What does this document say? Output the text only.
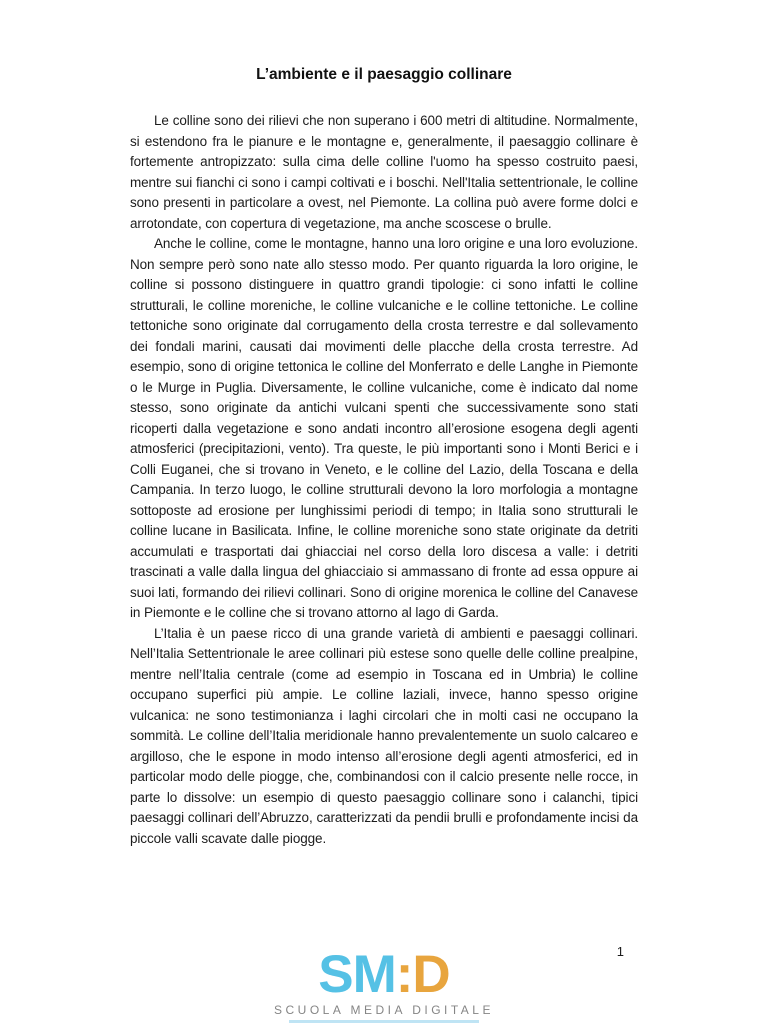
L’ambiente e il paesaggio collinare

Le colline sono dei rilievi che non superano i 600 metri di altitudine. Normalmente, si estendono fra le pianure e le montagne e, generalmente, il paesaggio collinare è fortemente antropizzato: sulla cima delle colline l'uomo ha spesso costruito paesi, mentre sui fianchi ci sono i campi coltivati e i boschi. Nell'Italia settentrionale, le colline sono presenti in particolare a ovest, nel Piemonte. La collina può avere forme dolci e arrotondate, con copertura di vegetazione, ma anche scoscese o brulle.

Anche le colline, come le montagne, hanno una loro origine e una loro evoluzione. Non sempre però sono nate allo stesso modo. Per quanto riguarda la loro origine, le colline si possono distinguere in quattro grandi tipologie: ci sono infatti le colline strutturali, le colline moreniche, le colline vulcaniche e le colline tettoniche. Le colline tettoniche sono originate dal corrugamento della crosta terrestre e dal sollevamento dei fondali marini, causati dai movimenti delle placche della crosta terrestre. Ad esempio, sono di origine tettonica le colline del Monferrato e delle Langhe in Piemonte o le Murge in Puglia. Diversamente, le colline vulcaniche, come è indicato dal nome stesso, sono originate da antichi vulcani spenti che successivamente sono stati ricoperti dalla vegetazione e sono andati incontro all’erosione esogena degli agenti atmosferici (precipitazioni, vento). Tra queste, le più importanti sono i Monti Berici e i Colli Euganei, che si trovano in Veneto, e le colline del Lazio, della Toscana e della Campania. In terzo luogo, le colline strutturali devono la loro morfologia a montagne sottoposte ad erosione per lunghissimi periodi di tempo; in Italia sono strutturali le colline lucane in Basilicata. Infine, le colline moreniche sono state originate da detriti accumulati e trasportati dai ghiacciai nel corso della loro discesa a valle: i detriti trascinati a valle dalla lingua del ghiacciaio si ammassano di fronte ad essa oppure ai suoi lati, formando dei rilievi collinari. Sono di origine morenica le colline del Canavese in Piemonte e le colline che si trovano attorno al lago di Garda.

L’Italia è un paese ricco di una grande varietà di ambienti e paesaggi collinari. Nell’Italia Settentrionale le aree collinari più estese sono quelle delle colline prealpine, mentre nell’Italia centrale (come ad esempio in Toscana ed in Umbria) le colline occupano superfici più ampie. Le colline laziali, invece, hanno spesso origine vulcanica: ne sono testimonianza i laghi circolari che in molti casi ne occupano la sommità. Le colline dell’Italia meridionale hanno prevalentemente un suolo calcareo e argilloso, che le espone in modo intenso all’erosione degli agenti atmosferici, ed in particolar modo delle piogge, che, combinandosi con il calcio presente nelle rocce, in parte lo dissolve: un esempio di questo paesaggio collinare sono i calanchi, tipici paesaggi collinari dell’Abruzzo, caratterizzati da pendii brulli e profondamente incisi da piccole valli scavate dalle piogge.

1
SM:D
SCUOLA MEDIA DIGITALE
